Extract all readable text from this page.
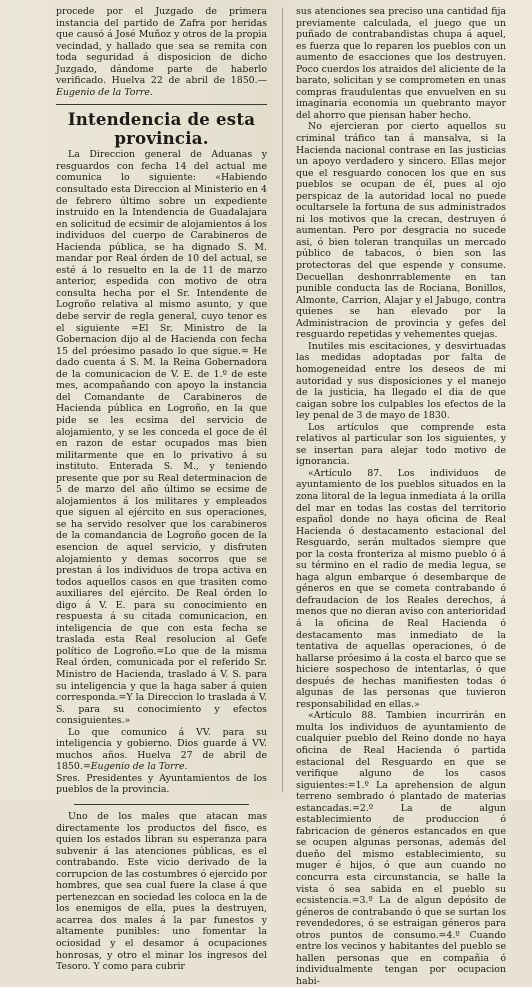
procede por el Juzgado de primera instancia del partido de Zafra por heridas que causó á José Muñoz y otros de la propia vecindad, y hallado que sea se remita con toda seguridad á disposicion de dicho Juzgado, dándome parte de haberlo verificado. Huelva 22 de abril de 1850.—Eugenio de la Torre.

Intendencia de esta provincia.

La Direccion general de Aduanas y resguardos con fecha 14 del actual me comunica lo siguiente: «Habiendo consultado esta Direccion al Ministerio en 4 de febrero último sobre un expediente instruido en la Intendencia de Guadalajara en solicitud de ecsimir de alojamientos á los individuos del cuerpo de Carabineros de Hacienda pública, se ha dignado S. M. mandar por Real órden de 10 del actual, se esté á lo resuelto en la de 11 de marzo anterior, espedida con motivo de otra consulta hecha por el Sr. Intendente de Logroño relativa al mismo asunto, y que debe servir de regla general, cuyo tenor es el siguiente =El Sr. Ministro de la Gobernacion dijo al de Hacienda con fecha 15 del próesimo pasado lo que sigue.= He dado cuenta á S. M. la Reina Gobernadora de la comunicacion de V. E. de 1.º de este mes, acompañando con apoyo la instancia del Comandante de Carabineros de Hacienda pública en Logroño, en la que pide se les ecsima del servicio de alojamiento, y se les conceda el goce de él en razon de estar ocupados mas bien militarmente que en lo privativo á su instituto. Enterada S. M., y teniendo presente que por su Real determinacion de 5 de marzo del año último se ecsime de alojamientos á los militares y empleados que siguen al ejército en sus operaciones, se ha servido resolver que los carabineros de la comandancia de Logroño gocen de la esencion de aquel servicio, y disfruten alojamiento y demas socorros que se prestan á los individuos de tropa activa en todos aquellos casos en que trasiten como auxiliares del ejército. De Real órden lo digo á V. E. para su conocimiento en respuesta á su citada comunicacion, en inteligencia de que con esta fecha se traslada esta Real resolucion al Gefe político de Logroño.=Lo que de la misma Real órden, comunicada por el referido Sr. Ministro de Hacienda, traslado á V. S. para su inteligencia y que la haga saber á quien corresponda.=Y la Direccion lo traslada á V. S. para su conocimiento y efectos consiguientes.»

Lo que comunico á VV. para su inteligencia y gobierno. Dios guarde á VV. muchos años. Huelva 27 de abril de 1850.=Eugenio de la Torre.

Sres. Presidentes y Ayuntamientos de los pueblos de la provincia.

Uno de los males que atacan mas directamente los productos del fisco, es quien los estados libran su esperanza para subvenir á las atenciones públicas, es el contrabando. Este vicio derivado de la corrupcion de las costumbres ó ejercido por hombres, que sea cual fuere la clase á que pertenezcan en sociedad les coloca en la de los enemigos de ella, pues la destruyen, acarrea dos males á la par funestos y altamente punibles: uno fomentar la ociosidad y el desamor á ocupaciones honrosas, y otro el minar los ingresos del Tesoro. Y como para cubrir

sus atenciones sea preciso una cantidad fija previamente calculada, el juego que un puñado de contrabandistas chupa á aquel, es fuerza que lo reparen los pueblos con un aumento de esacciones que los destruyen. Poco cuerdos los atraidos del aliciente de la barato, solicitan y se comprometen en unas compras fraudulentas que envuelven en su imaginaria economia un quebranto mayor del ahorro que piensan haber hecho.

No ejercieran por cierto aquellos su criminal tráfico tan á mansalva, si la Hacienda nacional contrase en las justicias un apoyo verdadero y sincero. Ellas mejor que el resguardo conocen los que en sus pueblos se ocupan de él, pues al ojo perspicaz de la autoridad local no puede ocultarsele la fortuna de sus administrados ni los motivos que la crecan, destruyen ó aumentan. Pero por desgracia no sucede asi, ó bien toleran tranquilas un mercado público de tabacos, ó bien son las protectoras del que espende y consume. Decuellan deshonrrablemente en tan punible conducta las de Rociana, Bonillos, Almonte, Carrion, Alajar y el Jabugo, contra quienes se han elevado por la Administracion de provincia y gefes del resguardo repetidas y vehementes quejas.

Inutiles mis escitaciones, y desvirtuadas las medidas adoptadas por falta de homogeneidad entre los deseos de mi autoridad y sus disposiciones y el manejo de la justicia, ha llegado el dia de que caigan sobre los culpables los efectos de la ley penal de 3 de mayo de 1830.

Los artículos que comprende esta relativos al particular son los siguientes, y se insertan para alejar todo motivo de ignorancia.

«Artículo 87. Los individuos de ayuntamiento de los pueblos situados en la zona litoral de la legua inmediata á la orilla del mar en todas las costas del territorio español donde no haya oficina de Real Hacienda ó destacamento estacional del Resguardo, serán multados siempre que por la costa fronteriza al mismo pueblo ó á su término en el radio de media legua, se haga algun embarque ó desembarque de géneros en que se cometa contrabando ó defraudacion de los Reales derechos, á menos que no dieran aviso con anterioridad á la oficina de Real Hacienda ó destacamento mas inmediato de la tentativa de aquellas operaciones, ó de hallarse próesimo á la costa el barco que se hiciere sospechoso de intentarlas, ó que después de hechas manifiesten todas ó algunas de las personas que tuvieron responsabilidad en ellas.»

«Artículo 88. Tambien incurrirán en multa los individuos de ayuntamiento de cualquier pueblo del Reino donde no haya oficina de Real Hacienda ó partida estacional del Resguardo en que se verifique alguno de los casos siguientes:=1.º La aprehension de algun terreno sembrado ó plantado de materias estancadas.=2.º La de algun establecimiento de produccion ó fabricacion de géneros estancados en que se ocupen algunas personas, además del dueño del mismo establecimiento, su muger é hijos, ó que aun cuando no concurra esta circunstancia, se halle la vista ó sea sabida en el pueblo su ecsistencia.=3.º La de algun depósito de géneros de contrabando ó que se surtan los revendedores, ó se estraigan géneros para otros puntos de consumo.=4.º Cuando entre los vecinos y habitantes del pueblo se hallen personas que en compañia ó individualmente tengan por ocupacion habi-
